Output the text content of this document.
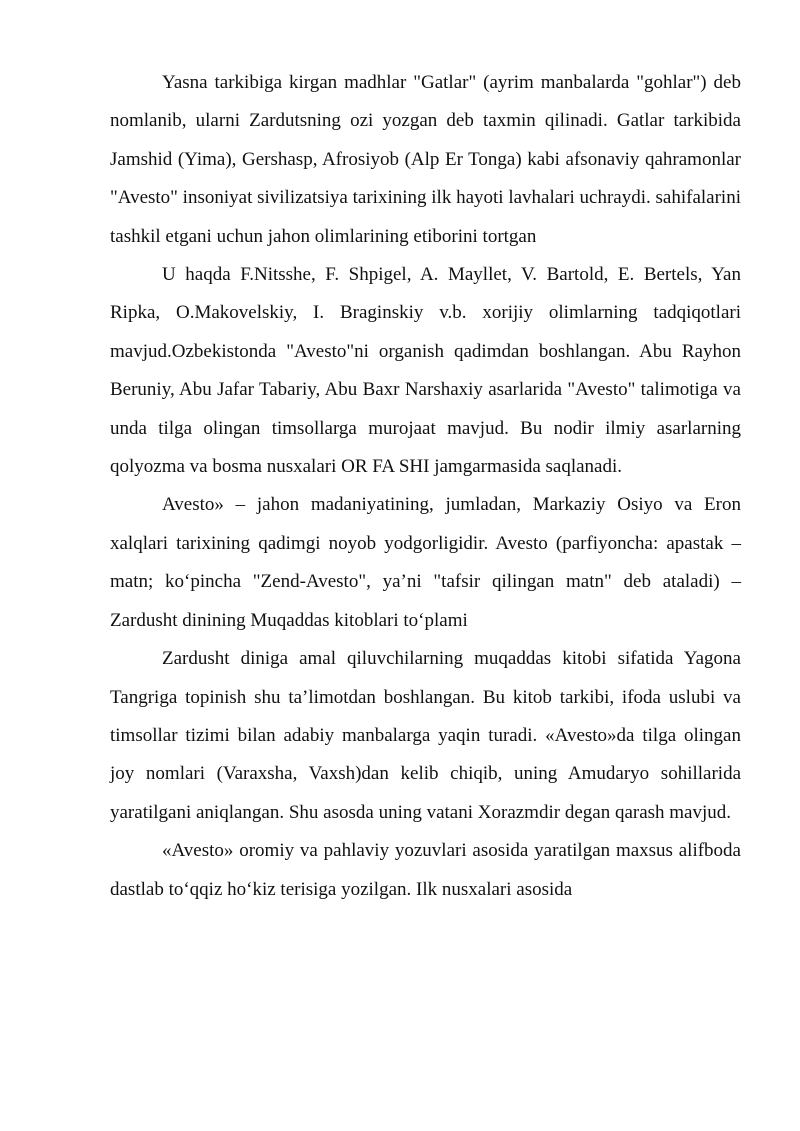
Yasna tarkibiga kirgan madhlar "Gatlar" (ayrim manbalarda "gohlar") deb nomlanib, ularni Zardutsning ozi yozgan deb taxmin qilinadi. Gatlar tarkibida Jamshid (Yima), Gershasp, Afrosiyob (Alp Er Tonga) kabi afsonaviy qahramonlar "Avesto" insoniyat sivilizatsiya tarixining ilk hayoti lavhalari uchraydi. sahifalarini tashkil etgani uchun jahon olimlarining etiborini tortgan

U haqda F.Nitsshe, F. Shpigel, A. Mayllet, V. Bartold, E. Bertels, Yan Ripka, O.Makovelskiy, I. Braginskiy v.b. xorijiy olimlarning tadqiqotlari mavjud.Ozbekistonda "Avesto"ni organish qadimdan boshlangan. Abu Rayhon Beruniy, Abu Jafar Tabariy, Abu Baxr Narshaxiy asarlarida "Avesto" talimotiga va unda tilga olingan timsollarga murojaat mavjud. Bu nodir ilmiy asarlarning qolyozma va bosma nusxalari OR FA SHI jamgarmasida saqlanadi.

Avesto» – jahon madaniyatining, jumladan, Markaziy Osiyo va Eron xalqlari tarixining qadimgi noyob yodgorligidir. Avesto (parfiyoncha: apastak – matn; ko‘pincha "Zend-Avesto", ya’ni "tafsir qilingan matn" deb ataladi) – Zardusht dinining Muqaddas kitoblari to‘plami

Zardusht diniga amal qiluvchilarning muqaddas kitobi sifatida Yagona Tangriga topinish shu ta’limotdan boshlangan. Bu kitob tarkibi, ifoda uslubi va timsollar tizimi bilan adabiy manbalarga yaqin turadi. «Avesto»da tilga olingan joy nomlari (Varaxsha, Vaxsh)dan kelib chiqib, uning Amudaryo sohillarida yaratilgani aniqlangan. Shu asosda uning vatani Xorazmdir degan qarash mavjud.

«Avesto» oromiy va pahlaviy yozuvlari asosida yaratilgan maxsus alifboda dastlab to‘qqiz ho‘kiz terisiga yozilgan. Ilk nusxalari asosida
